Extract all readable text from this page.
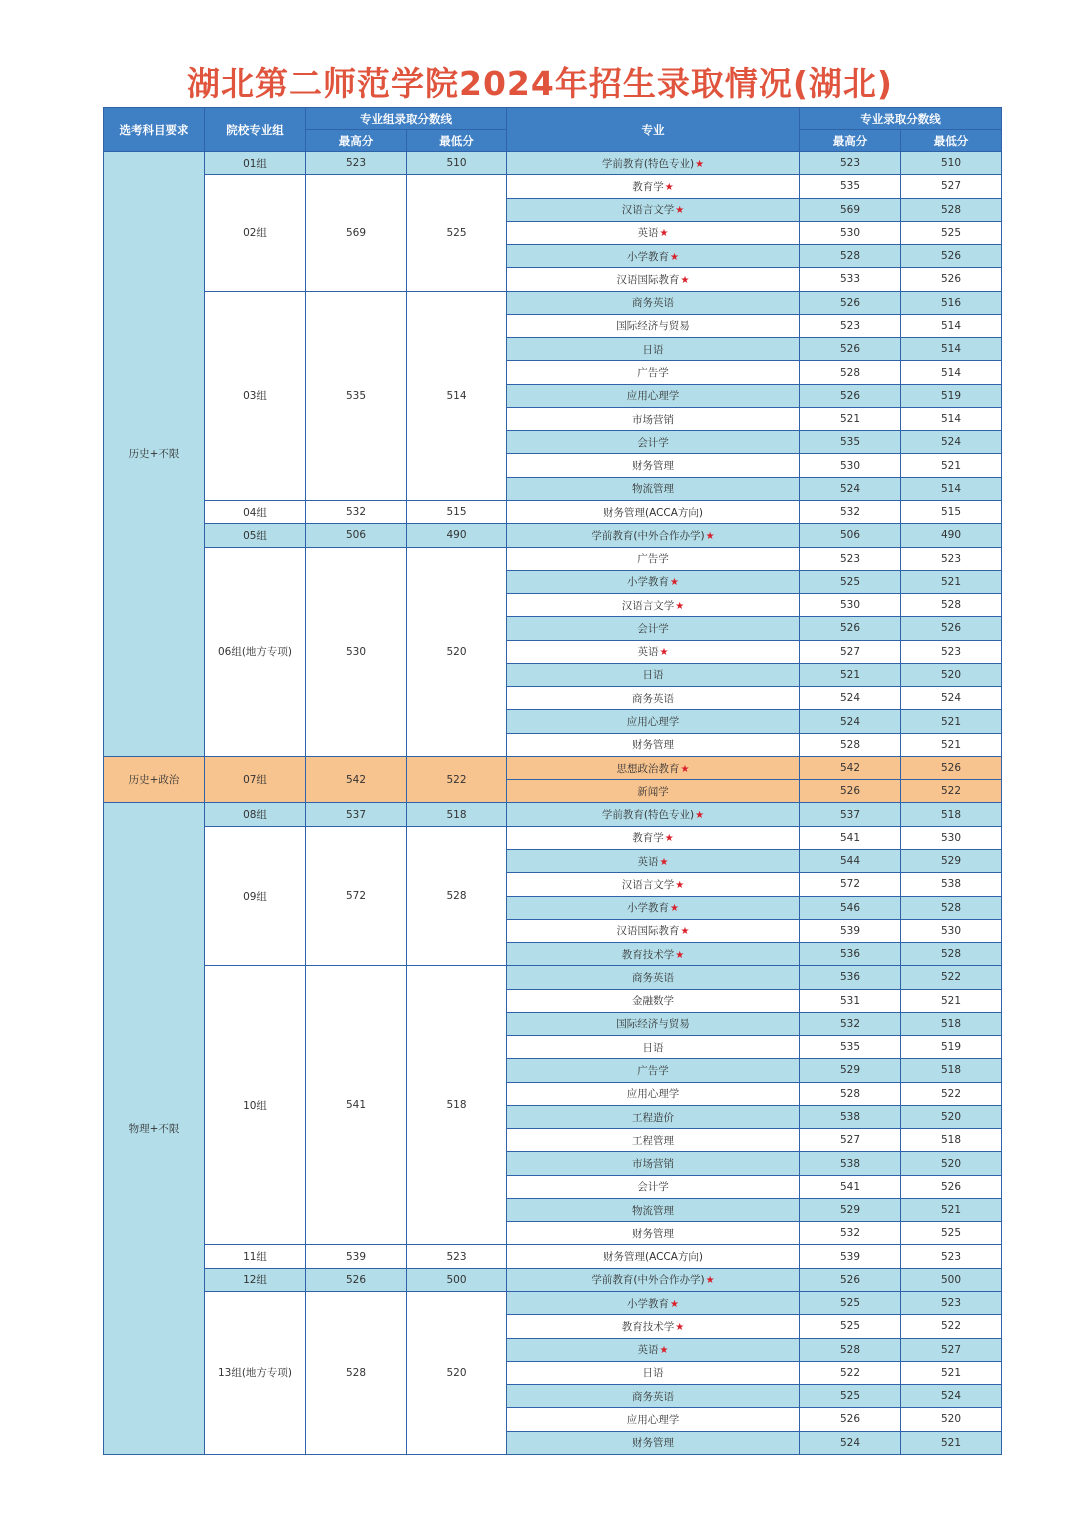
湖北第二师范学院2024年招生录取情况(湖北)
选考科目要求	院校专业组	专业组录取分数线		专业	专业录取分数线	
		最高分	最低分		最高分	最低分
历史+不限	01组	523	510	学前教育(特色专业)★	523	510
	02组	569	525	教育学★	535	527
				汉语言文学★	569	528
				英语★	530	525
				小学教育★	528	526
				汉语国际教育★	533	526
	03组	535	514	商务英语	526	516
				国际经济与贸易	523	514
				日语	526	514
				广告学	528	514
				应用心理学	526	519
				市场营销	521	514
				会计学	535	524
				财务管理	530	521
				物流管理	524	514
	04组	532	515	财务管理(ACCA方向)	532	515
	05组	506	490	学前教育(中外合作办学)★	506	490
	06组(地方专项)	530	520	广告学	523	523
				小学教育★	525	521
				汉语言文学★	530	528
				会计学	526	526
				英语★	527	523
				日语	521	520
				商务英语	524	524
				应用心理学	524	521
				财务管理	528	521
历史+政治	07组	542	522	思想政治教育★	542	526
				新闻学	526	522
物理+不限	08组	537	518	学前教育(特色专业)★	537	518
	09组	572	528	教育学★	541	530
				英语★	544	529
				汉语言文学★	572	538
				小学教育★	546	528
				汉语国际教育★	539	530
				教育技术学★	536	528
	10组	541	518	商务英语	536	522
				金融数学	531	521
				国际经济与贸易	532	518
				日语	535	519
				广告学	529	518
				应用心理学	528	522
				工程造价	538	520
				工程管理	527	518
				市场营销	538	520
				会计学	541	526
				物流管理	529	521
				财务管理	532	525
	11组	539	523	财务管理(ACCA方向)	539	523
	12组	526	500	学前教育(中外合作办学)★	526	500
	13组(地方专项)	528	520	小学教育★	525	523
				教育技术学★	525	522
				英语★	528	527
				日语	522	521
				商务英语	525	524
				应用心理学	526	520
				财务管理	524	521
